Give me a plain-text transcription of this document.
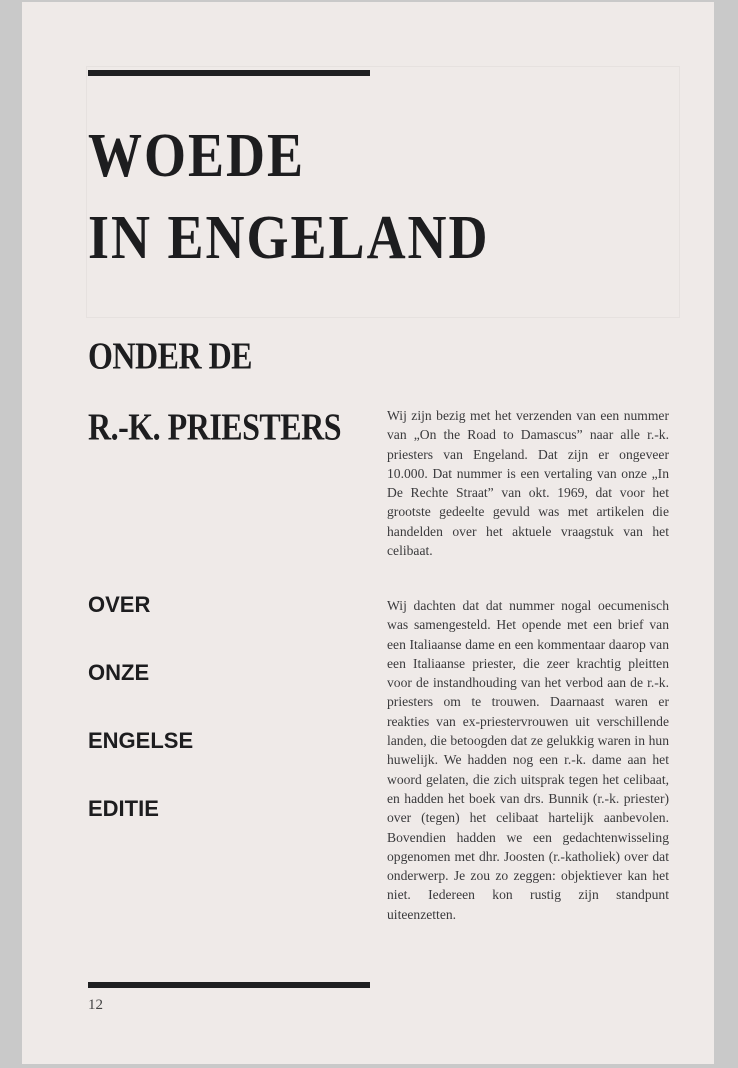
WOEDE
IN ENGELAND
ONDER DE
R.-K. PRIESTERS
OVER
ONZE
ENGELSE
EDITIE

Wij zijn bezig met het verzenden van een nummer van „On the Road to Damascus” naar alle r.-k. priesters van Engeland. Dat zijn er ongeveer 10.000. Dat nummer is een vertaling van onze „In De Rechte Straat” van okt. 1969, dat voor het grootste gedeelte gevuld was met artikelen die handelden over het aktuele vraagstuk van het celibaat.

Wij dachten dat dat nummer nogal oecumenisch was samengesteld. Het opende met een brief van een Italiaanse dame en een kommentaar daarop van een Italiaanse priester, die zeer krachtig pleitten voor de instandhouding van het verbod aan de r.-k. priesters om te trouwen. Daarnaast waren er reakties van ex-priestervrouwen uit verschillende landen, die betoogden dat ze gelukkig waren in hun huwelijk. We hadden nog een r.-k. dame aan het woord gelaten, die zich uitsprak tegen het celibaat, en hadden het boek van drs. Bunnik (r.-k. priester) over (tegen) het celibaat hartelijk aanbevolen. Bovendien hadden we een gedachtenwisseling opgenomen met dhr. Joosten (r.-katholiek) over dat onderwerp. Je zou zo zeggen: objektiever kan het niet. Iedereen kon rustig zijn standpunt uiteenzetten.

12
